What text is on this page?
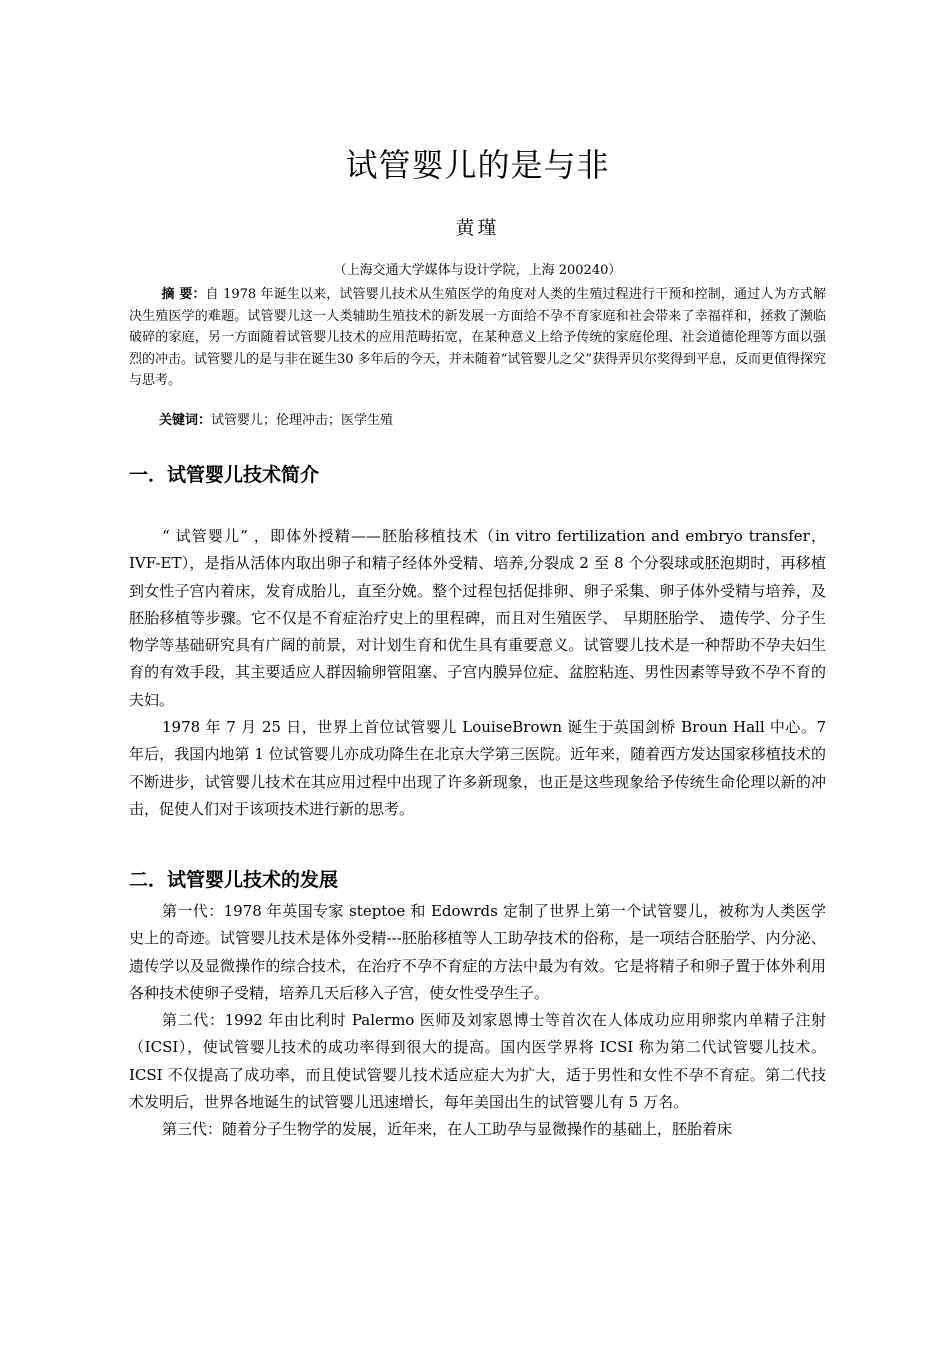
试管婴儿的是与非
黄瑾
（上海交通大学媒体与设计学院，上海 200240）

摘 要：自 1978 年诞生以来，试管婴儿技术从生殖医学的角度对人类的生殖过程进行干预和控制，通过人为方式解决生殖医学的难题。试管婴儿这一人类辅助生殖技术的新发展一方面给不孕不育家庭和社会带来了幸福祥和，拯救了濒临破碎的家庭，另一方面随着试管婴儿技术的应用范畴拓宽，在某种意义上给予传统的家庭伦理、社会道德伦理等方面以强烈的冲击。试管婴儿的是与非在诞生30 多年后的今天，并未随着“试管婴儿之父”获得弄贝尔奖得到平息，反而更值得探究与思考。

关键词：试管婴儿；伦理冲击；医学生殖

一．试管婴儿技术简介

“ 试管婴儿” ，即体外授精——胚胎移植技术（in vitro fertilization and embryo transfer，IVF-ET），是指从活体内取出卵子和精子经体外受精、培养,分裂成 2 至 8 个分裂球或胚泡期时，再移植到女性子宫内着床，发育成胎儿，直至分娩。整个过程包括促排卵、卵子采集、卵子体外受精与培养，及胚胎移植等步骤。它不仅是不育症治疗史上的里程碑，而且对生殖医学、 早期胚胎学、 遗传学、分子生物学等基础研究具有广阔的前景，对计划生育和优生具有重要意义。试管婴儿技术是一种帮助不孕夫妇生育的有效手段，其主要适应人群因输卵管阻塞、子宫内膜异位症、盆腔粘连、男性因素等导致不孕不育的夫妇。

1978 年 7 月 25 日，世界上首位试管婴儿 LouiseBrown 诞生于英国剑桥 Broun Hall 中心。7 年后，我国内地第 1 位试管婴儿亦成功降生在北京大学第三医院。近年来，随着西方发达国家移植技术的不断进步，试管婴儿技术在其应用过程中出现了许多新现象，也正是这些现象给予传统生命伦理以新的冲击，促使人们对于该项技术进行新的思考。

二．试管婴儿技术的发展

第一代：1978 年英国专家 steptoe 和 Edowrds 定制了世界上第一个试管婴儿，被称为人类医学史上的奇迹。试管婴儿技术是体外受精---胚胎移植等人工助孕技术的俗称，是一项结合胚胎学、内分泌、遗传学以及显微操作的综合技术，在治疗不孕不育症的方法中最为有效。它是将精子和卵子置于体外利用各种技术使卵子受精，培养几天后移入子宫，使女性受孕生子。

第二代：1992 年由比利时 Palermo 医师及刘家恩博士等首次在人体成功应用卵浆内单精子注射（ICSI），使试管婴儿技术的成功率得到很大的提高。国内医学界将 ICSI 称为第二代试管婴儿技术。ICSI 不仅提高了成功率，而且使试管婴儿技术适应症大为扩大，适于男性和女性不孕不育症。第二代技术发明后，世界各地诞生的试管婴儿迅速增长，每年美国出生的试管婴儿有 5 万名。

第三代：随着分子生物学的发展，近年来，在人工助孕与显微操作的基础上，胚胎着床
